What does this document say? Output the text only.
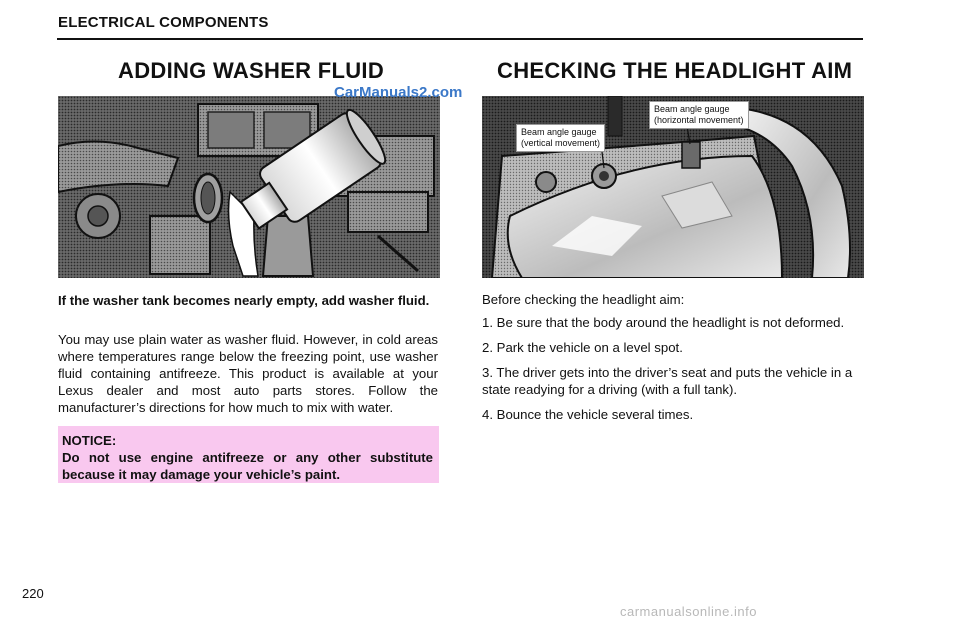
ELECTRICAL COMPONENTS
ADDING WASHER FLUID
CarManuals2.com
If the washer tank becomes nearly empty, add washer fluid.
You may use plain water as washer fluid. However, in cold areas where temperatures range below the freezing point, use washer fluid containing antifreeze. This product is available at your Lexus dealer and most auto parts stores. Follow the manufacturer’s directions for how much to mix with water.
NOTICE:
Do not use engine antifreeze or any other substitute because it may damage your vehicle’s paint.
CHECKING THE HEADLIGHT AIM
Beam angle gauge
(vertical movement)
Beam angle gauge
(horizontal movement)
Before checking the headlight aim:
1. Be sure that the body around the headlight is not deformed.
2. Park the vehicle on a level spot.
3. The driver gets into the driver’s seat and puts the vehicle in a state readying for a driving (with a full tank).
4. Bounce the vehicle several times.
220
carmanualsonline.info
